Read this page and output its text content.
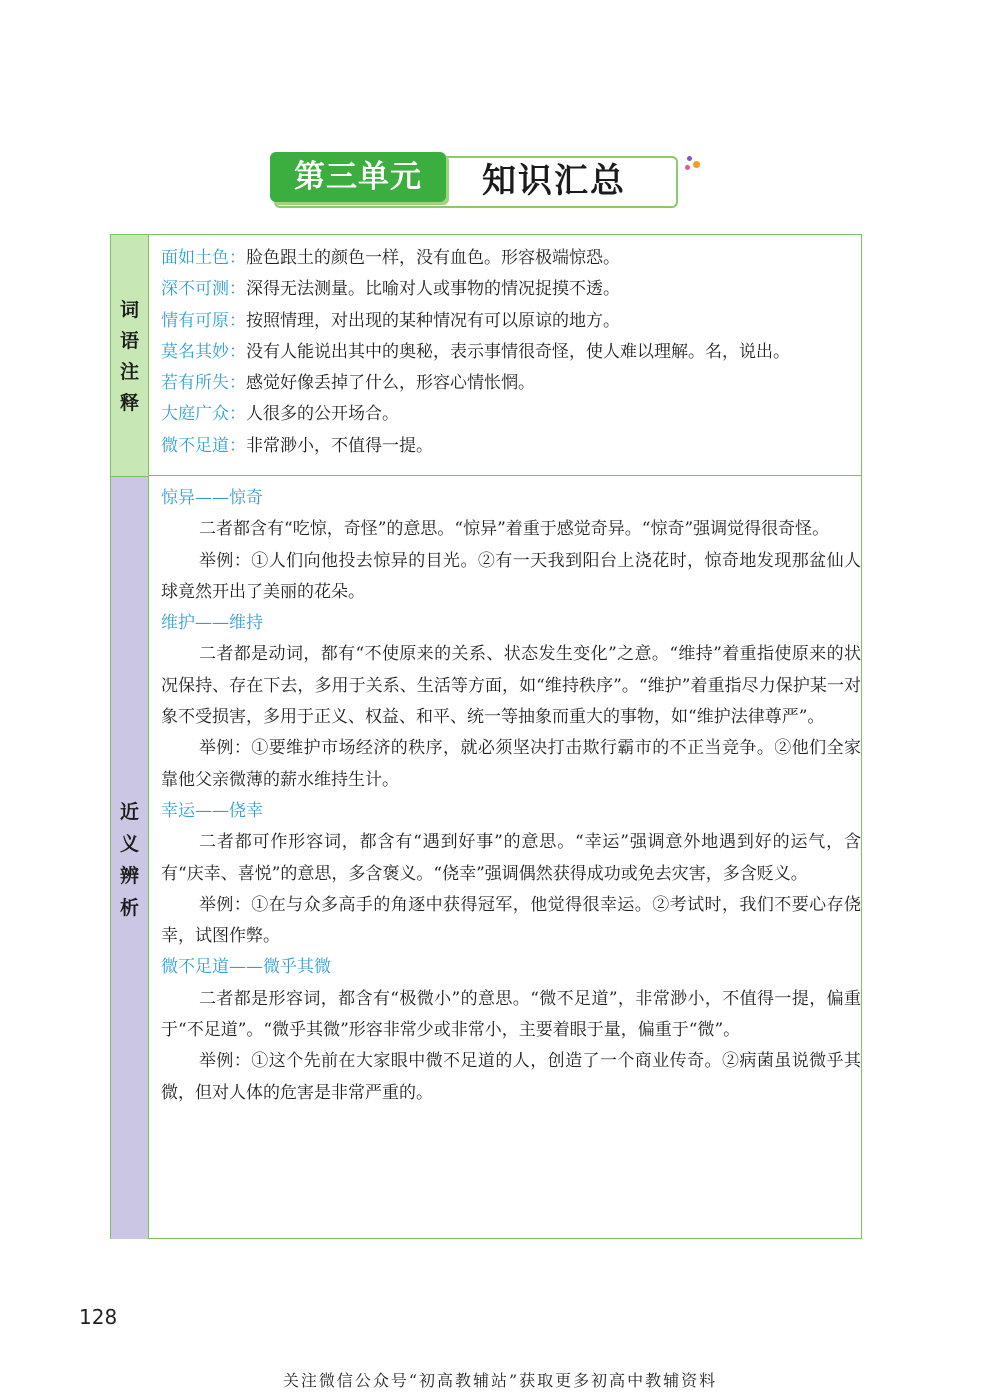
第三单元	知识汇总
词
语
注
释
近
义
辨
析

面如土色：脸色跟土的颜色一样，没有血色。形容极端惊恐。

深不可测：深得无法测量。比喻对人或事物的情况捉摸不透。

情有可原：按照情理，对出现的某种情况有可以原谅的地方。

莫名其妙：没有人能说出其中的奥秘，表示事情很奇怪，使人难以理解。名，说出。

若有所失：感觉好像丢掉了什么，形容心情怅惘。

大庭广众：人很多的公开场合。

微不足道：非常渺小，不值得一提。

惊异——惊奇

二者都含有“吃惊，奇怪”的意思。“惊异”着重于感觉奇异。“惊奇”强调觉得很奇怪。

举例：①人们向他投去惊异的目光。②有一天我到阳台上浇花时，惊奇地发现那盆仙人球竟然开出了美丽的花朵。

维护——维持

二者都是动词，都有“不使原来的关系、状态发生变化”之意。“维持”着重指使原来的状况保持、存在下去，多用于关系、生活等方面，如“维持秩序”。“维护”着重指尽力保护某一对象不受损害，多用于正义、权益、和平、统一等抽象而重大的事物，如“维护法律尊严”。

举例：①要维护市场经济的秩序，就必须坚决打击欺行霸市的不正当竞争。②他们全家靠他父亲微薄的薪水维持生计。

幸运——侥幸

二者都可作形容词，都含有“遇到好事”的意思。“幸运”强调意外地遇到好的运气，含有“庆幸、喜悦”的意思，多含褒义。“侥幸”强调偶然获得成功或免去灾害，多含贬义。

举例：①在与众多高手的角逐中获得冠军，他觉得很幸运。②考试时，我们不要心存侥幸，试图作弊。

微不足道——微乎其微

二者都是形容词，都含有“极微小”的意思。“微不足道”，非常渺小，不值得一提，偏重于“不足道”。“微乎其微”形容非常少或非常小，主要着眼于量，偏重于“微”。

举例：①这个先前在大家眼中微不足道的人，创造了一个商业传奇。②病菌虽说微乎其微，但对人体的危害是非常严重的。

128
关注微信公众号“初高教辅站”获取更多初高中教辅资料
